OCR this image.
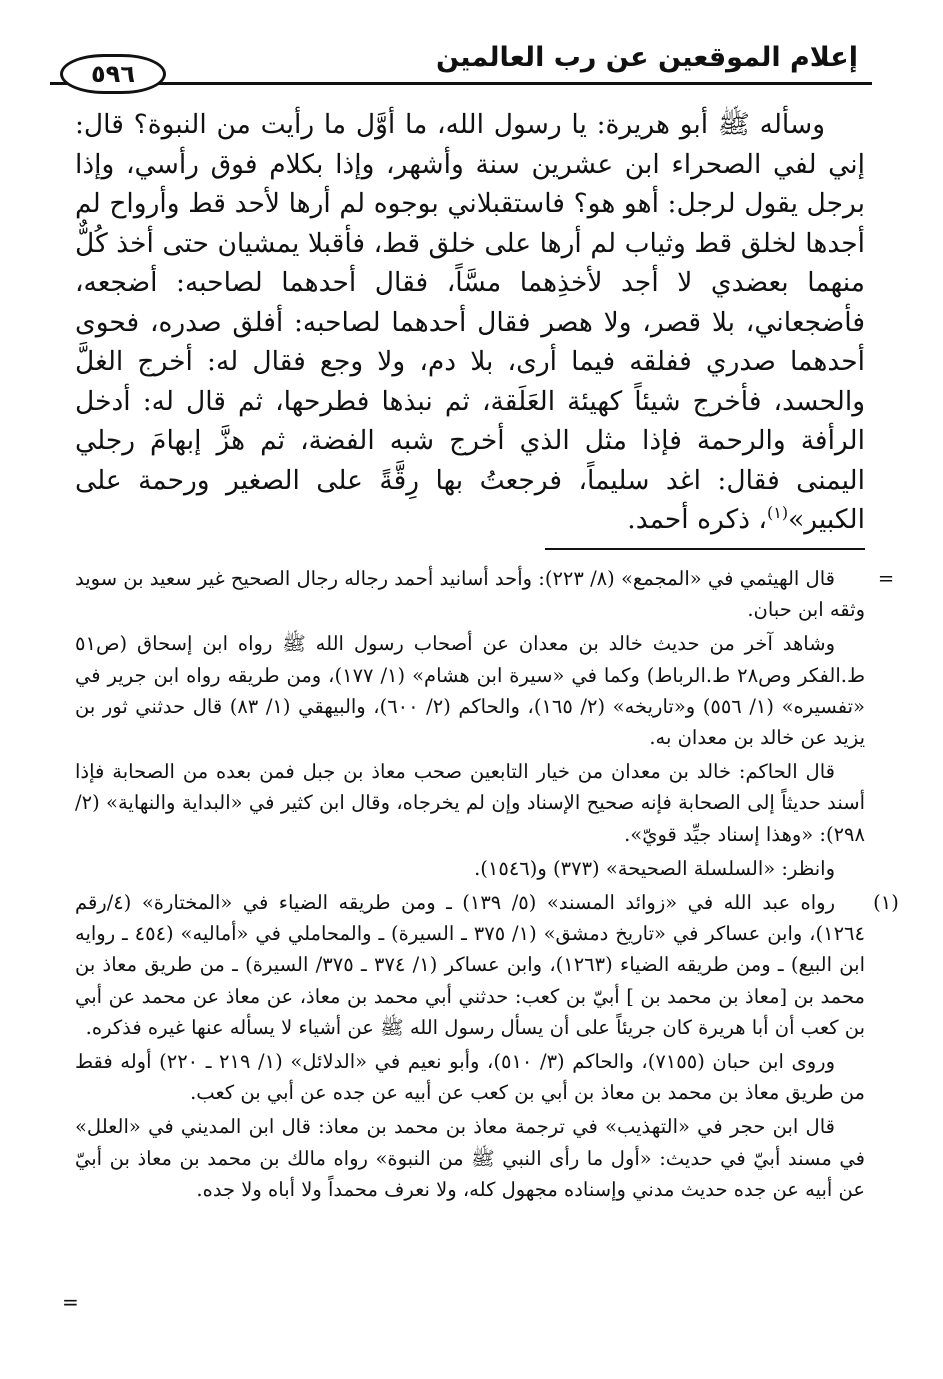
إعلام الموقعين عن رب العالمين
٥٩٦

وسأله ﷺ أبو هريرة: يا رسول الله، ما أوَّل ما رأيت من النبوة؟ قال: إني لفي الصحراء ابن عشرين سنة وأشهر، وإذا بكلام فوق رأسي، وإذا برجل يقول لرجل: أهو هو؟ فاستقبلاني بوجوه لم أرها لأحد قط وأرواح لم أجدها لخلق قط وثياب لم أرها على خلق قط، فأقبلا يمشيان حتى أخذ كُلٌّ منهما بعضدي لا أجد لأخذِهما مسَّاً، فقال أحدهما لصاحبه: أضجعه، فأضجعاني، بلا قصر، ولا هصر فقال أحدهما لصاحبه: أفلق صدره، فحوى أحدهما صدري ففلقه فيما أرى، بلا دم، ولا وجع فقال له: أخرج الغلَّ والحسد، فأخرج شيئاً كهيئة العَلَقة، ثم نبذها فطرحها، ثم قال له: أدخل الرأفة والرحمة فإذا مثل الذي أخرج شبه الفضة، ثم هزَّ إبهامَ رجلي اليمنى فقال: اغد سليماً، فرجعتُ بها رِقَّةً على الصغير ورحمة على الكبير»$^{(١)}$، ذكره أحمد.

=

قال الهيثمي في «المجمع» (٨/ ٢٢٣): وأحد أسانيد أحمد رجاله رجال الصحيح غير سعيد بن سويد وثقه ابن حبان.

وشاهد آخر من حديث خالد بن معدان عن أصحاب رسول الله ﷺ رواه ابن إسحاق (ص٥١ ط.الفكر وص٢٨ ط.الرباط) وكما في «سيرة ابن هشام» (١/ ١٧٧)، ومن طريقه رواه ابن جرير في «تفسيره» (١/ ٥٥٦) و«تاريخه» (٢/ ١٦٥)، والحاكم (٢/ ٦٠٠)، والبيهقي (١/ ٨٣) قال حدثني ثور بن يزيد عن خالد بن معدان به.

قال الحاكم: خالد بن معدان من خيار التابعين صحب معاذ بن جبل فمن بعده من الصحابة فإذا أسند حديثاً إلى الصحابة فإنه صحيح الإسناد وإن لم يخرجاه، وقال ابن كثير في «البداية والنهاية» (٢/ ٢٩٨): «وهذا إسناد جيِّد قويّ».

وانظر: «السلسلة الصحيحة» (٣٧٣) و(١٥٤٦).

(١)

رواه عبد الله في «زوائد المسند» (٥/ ١٣٩) ـ ومن طريقه الضياء في «المختارة» (٤/رقم ١٢٦٤)، وابن عساكر في «تاريخ دمشق» (١/ ٣٧٥ ـ السيرة) ـ والمحاملي في «أماليه» (٤٥٤ ـ روايه ابن البيع) ـ ومن طريقه الضياء (١٢٦٣)، وابن عساكر (١/ ٣٧٤ ـ ٣٧٥/ السيرة) ـ من طريق معاذ بن محمد بن [معاذ بن محمد بن ] أبيّ بن كعب: حدثني أبي محمد بن معاذ، عن معاذ عن محمد عن أبي بن كعب أن أبا هريرة كان جريئاً على أن يسأل رسول الله ﷺ عن أشياء لا يسأله عنها غيره فذكره.

وروى ابن حبان (٧١٥٥)، والحاكم (٣/ ٥١٠)، وأبو نعيم في «الدلائل» (١/ ٢١٩ ـ ٢٢٠) أوله فقط من طريق معاذ بن محمد بن معاذ بن أبي بن كعب عن أبيه عن جده عن أبي بن كعب.

قال ابن حجر في «التهذيب» في ترجمة معاذ بن محمد بن معاذ: قال ابن المديني في «العلل» في مسند أبيّ في حديث: «أول ما رأى النبي ﷺ من النبوة» رواه مالك بن محمد بن معاذ بن أبيّ عن أبيه عن جده حديث مدني وإسناده مجهول كله، ولا نعرف محمداً ولا أباه ولا جده.

=
